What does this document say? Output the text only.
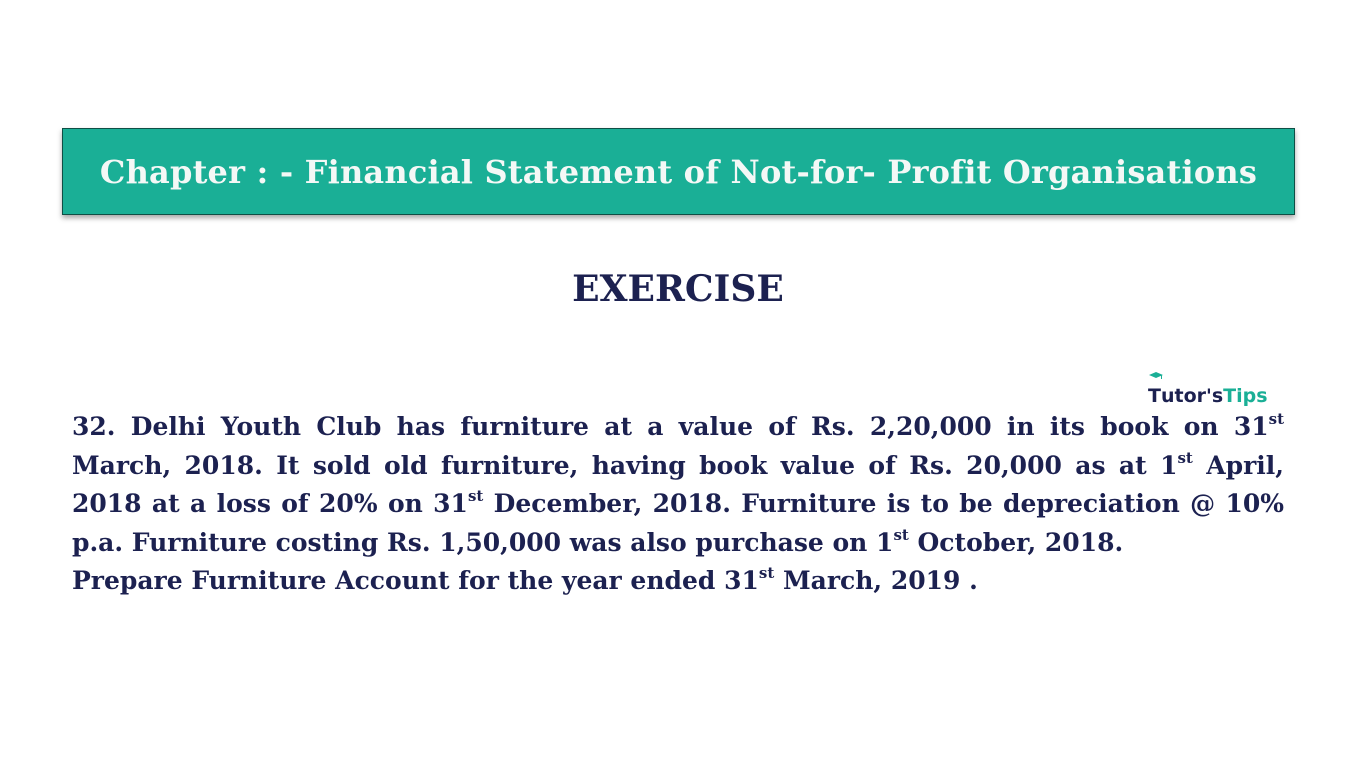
Chapter : - Financial Statement of Not-for- Profit Organisations
EXERCISE
T utor's T ips

32. Delhi Youth Club has furniture at a value of Rs. 2,20,000 in its book on 31st March, 2018. It sold old furniture, having book value of Rs. 20,000 as at 1st April, 2018 at a loss of 20% on 31st December, 2018. Furniture is to be depreciation @ 10% p.a. Furniture costing Rs. 1,50,000 was also purchase on 1st October, 2018.
Prepare Furniture Account for the year ended 31st March, 2019 .
